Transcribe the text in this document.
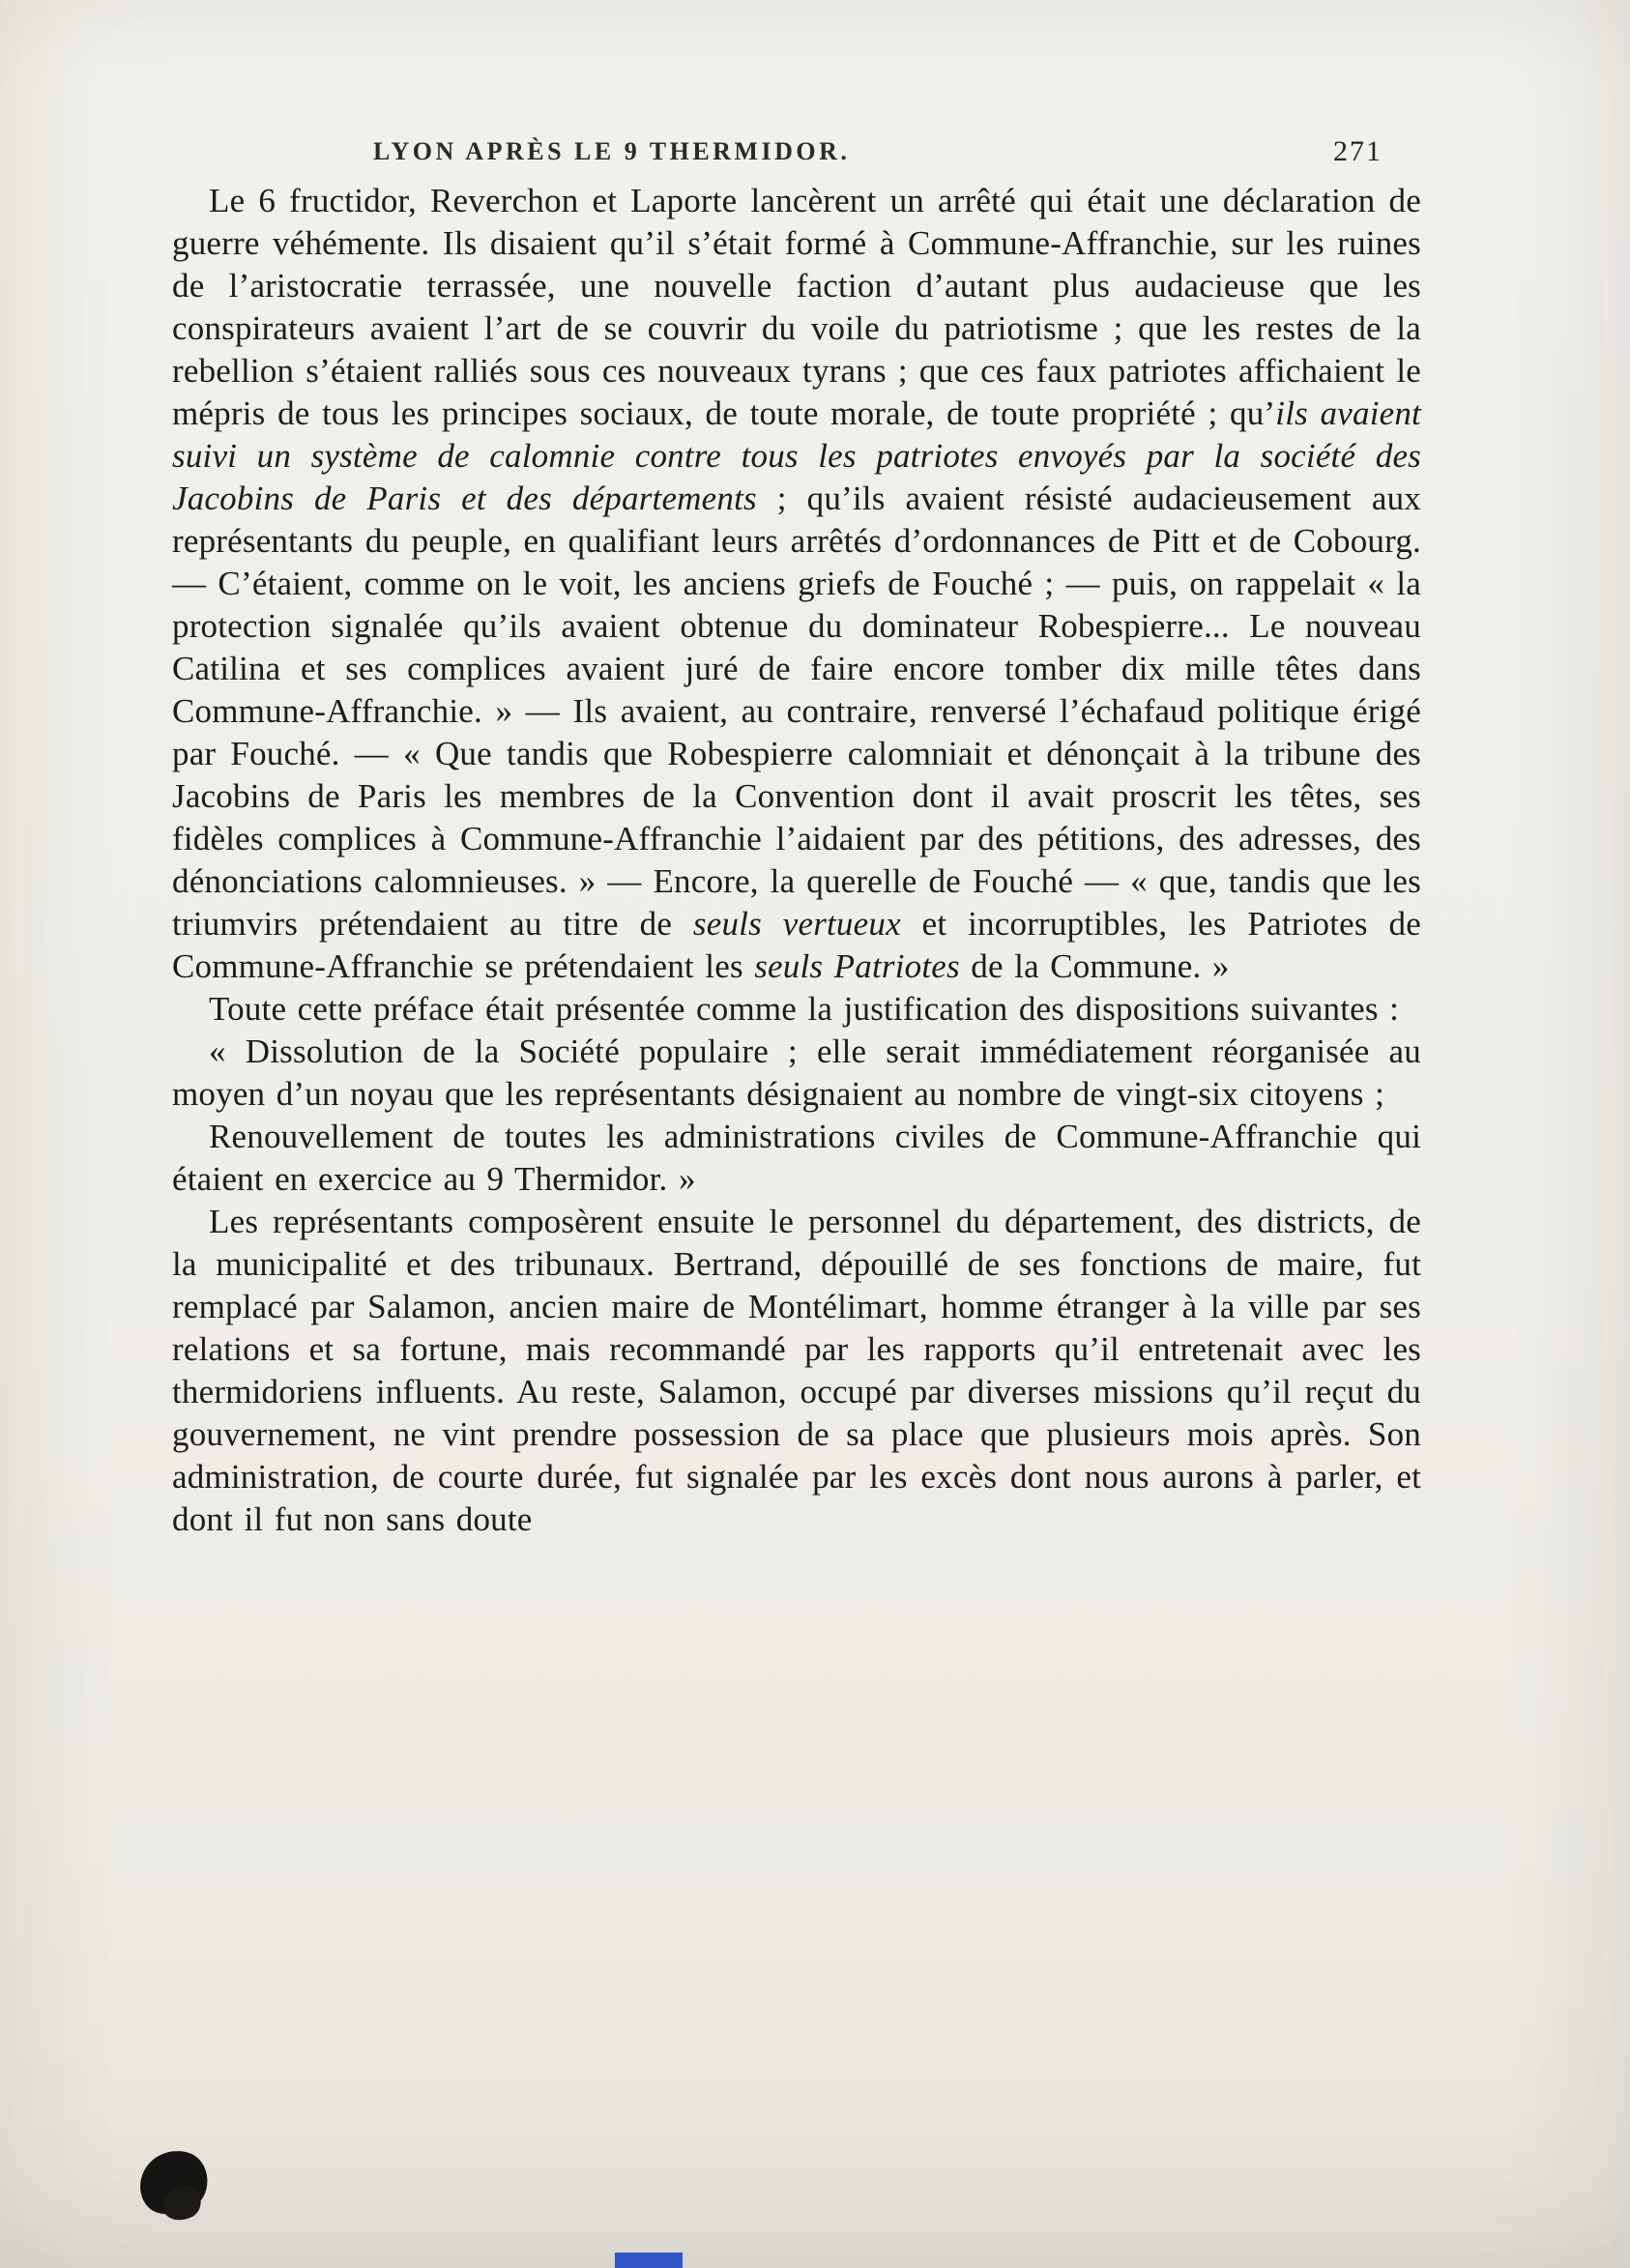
LYON APRÈS LE 9 THERMIDOR.	271

Le 6 fructidor, Reverchon et Laporte lancèrent un arrêté qui était une déclaration de guerre véhémente. Ils disaient qu’il s’était formé à Commune-Affranchie, sur les ruines de l’aristocratie terrassée, une nouvelle faction d’autant plus audacieuse que les conspirateurs avaient l’art de se couvrir du voile du patriotisme ; que les restes de la rebellion s’étaient ralliés sous ces nouveaux tyrans ; que ces faux patriotes affichaient le mépris de tous les principes sociaux, de toute morale, de toute propriété ; qu’ils avaient suivi un système de calomnie contre tous les patriotes envoyés par la société des Jacobins de Paris et des départements ; qu’ils avaient résisté audacieusement aux représentants du peuple, en qualifiant leurs arrêtés d’ordonnances de Pitt et de Cobourg. — C’étaient, comme on le voit, les anciens griefs de Fouché ; — puis, on rappelait « la protection signalée qu’ils avaient obtenue du dominateur Robespierre... Le nouveau Catilina et ses complices avaient juré de faire encore tomber dix mille têtes dans Commune-Affranchie. » — Ils avaient, au contraire, renversé l’échafaud politique érigé par Fouché. — « Que tandis que Robespierre calomniait et dénonçait à la tribune des Jacobins de Paris les membres de la Convention dont il avait proscrit les têtes, ses fidèles complices à Commune-Affranchie l’aidaient par des pétitions, des adresses, des dénonciations calomnieuses. » — Encore, la querelle de Fouché — « que, tandis que les triumvirs prétendaient au titre de seuls vertueux et incorruptibles, les Patriotes de Commune-Affranchie se prétendaient les seuls Patriotes de la Commune. »

Toute cette préface était présentée comme la justification des dispositions suivantes :

« Dissolution de la Société populaire ; elle serait immédiatement réorganisée au moyen d’un noyau que les représentants désignaient au nombre de vingt-six citoyens ;

Renouvellement de toutes les administrations civiles de Commune-Affranchie qui étaient en exercice au 9 Thermidor. »

Les représentants composèrent ensuite le personnel du département, des districts, de la municipalité et des tribunaux. Bertrand, dépouillé de ses fonctions de maire, fut remplacé par Salamon, ancien maire de Montélimart, homme étranger à la ville par ses relations et sa fortune, mais recommandé par les rapports qu’il entretenait avec les thermidoriens influents. Au reste, Salamon, occupé par diverses missions qu’il reçut du gouvernement, ne vint prendre possession de sa place que plusieurs mois après. Son administration, de courte durée, fut signalée par les excès dont nous aurons à parler, et dont il fut non sans doute
